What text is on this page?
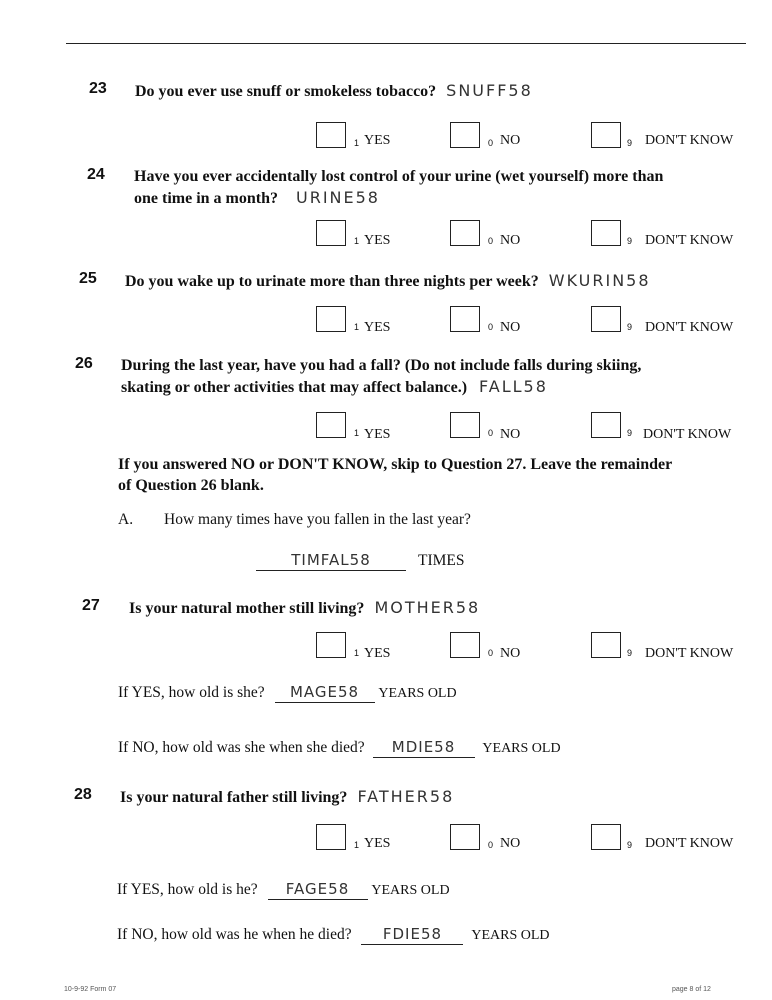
23 Do you ever use snuff or smokeless tobacco? SNUFF58
1 YES	0 NO	9 DON'T KNOW
24 Have you ever accidentally lost control of your urine (wet yourself) more than
one time in a month? URINE58
1 YES	0 NO	9 DON'T KNOW
25 Do you wake up to urinate more than three nights per week? WKURIN58
1 YES	0 NO	9 DON'T KNOW
26 During the last year, have you had a fall? (Do not include falls during skiing,
skating or other activities that may affect balance.) FALL58
1 YES	0 NO	9 DON'T KNOW
If you answered NO or DON'T KNOW, skip to Question 27. Leave the remainder
of Question 26 blank.
A. How many times have you fallen in the last year?
TIMFAL58	TIMES
27 Is your natural mother still living? MOTHER58
1 YES	0 NO	9 DON'T KNOW
If YES, how old is she? MAGE58 YEARS OLD
If NO, how old was she when she died? MDIE58 YEARS OLD
28 Is your natural father still living? FATHER58
1 YES	0 NO	9 DON'T KNOW
If YES, how old is he? FAGE58 YEARS OLD
If NO, how old was he when he died? FDIE58 YEARS OLD
10-9-92 Form 07	page 8 of 12
